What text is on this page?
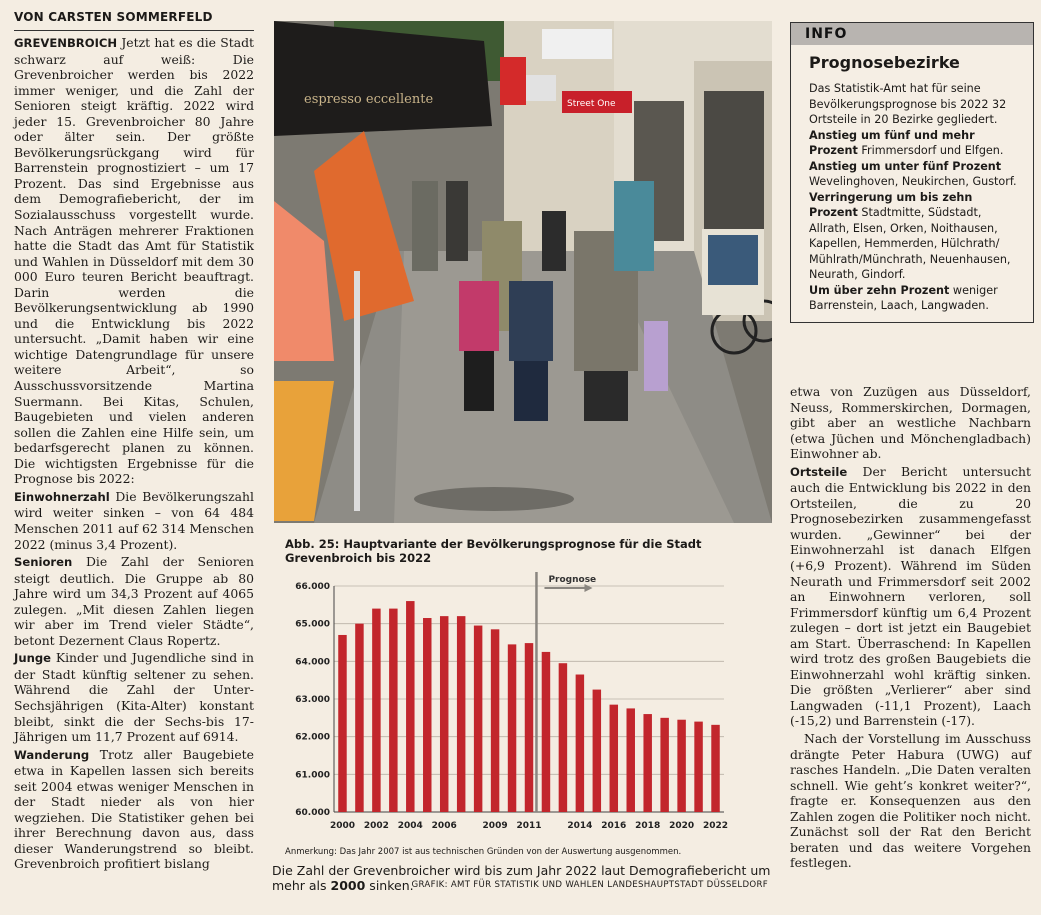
VON CARSTEN SOMMERFELD

GREVENBROICH Jetzt hat es die Stadt schwarz auf weiß: Die Grevenbroicher werden bis 2022 immer weniger, und die Zahl der Senioren steigt kräftig. 2022 wird jeder 15. Grevenbroicher 80 Jahre oder älter sein. Der größte Bevölkerungsrückgang wird für Barrenstein prognostiziert – um 17 Prozent. Das sind Ergebnisse aus dem Demografiebericht, der im Sozialausschuss vorgestellt wurde. Nach Anträgen mehrerer Fraktionen hatte die Stadt das Amt für Statistik und Wahlen in Düsseldorf mit dem 30 000 Euro teuren Bericht beauftragt. Darin werden die Bevölkerungsentwicklung ab 1990 und die Entwicklung bis 2022 untersucht. „Damit haben wir eine wichtige Datengrundlage für unsere weitere Arbeit“, so Ausschussvorsitzende Martina Suermann. Bei Kitas, Schulen, Baugebieten und vielen anderen sollen die Zahlen eine Hilfe sein, um bedarfsgerecht planen zu können. Die wichtigsten Ergebnisse für die Prognose bis 2022:

Einwohnerzahl Die Bevölkerungszahl wird weiter sinken – von 64 484 Menschen 2011 auf 62 314 Menschen 2022 (minus 3,4 Prozent).

Senioren Die Zahl der Senioren steigt deutlich. Die Gruppe ab 80 Jahre wird um 34,3 Prozent auf 4065 zulegen. „Mit diesen Zahlen liegen wir aber im Trend vieler Städte“, betont Dezernent Claus Ropertz.

Junge Kinder und Jugendliche sind in der Stadt künftig seltener zu sehen. Während die Zahl der Unter-Sechsjährigen (Kita-Alter) konstant bleibt, sinkt die der Sechs-bis 17-Jährigen um 11,7 Prozent auf 6914.

Wanderung Trotz aller Baugebiete etwa in Kapellen lassen sich bereits seit 2004 etwas weniger Menschen in der Stadt nieder als von hier wegziehen. Die Statistiker gehen bei ihrer Berechnung davon aus, dass dieser Wanderungstrend so bleibt. Grevenbroich profitiert bislang

Street One
espresso eccellente
Abb. 25: Hauptvariante der Bevölkerungsprognose für die Stadt Grevenbroich bis 2022
60.000
61.000
62.000
63.000
64.000
65.000
66.000
Prognose
2000 2002 2004 2006	2009 2011	2014 2016 2018 2020 2022
Anmerkung: Das Jahr 2007 ist aus technischen Gründen von der Auswertung ausgenommen.
Die Zahl der Grevenbroicher wird bis zum Jahr 2022 laut Demografiebericht um mehr als 2000 sinken.
GRAFIK: AMT FÜR STATISTIK UND WAHLEN LANDESHAUPTSTADT DÜSSELDORF
INFO
Prognosebezirke

Das Statistik-Amt hat für seine Bevölkerungsprognose bis 2022 32 Ortsteile in 20 Bezirke gegliedert.

Anstieg um fünf und mehr Prozent Frimmersdorf und Elfgen.

Anstieg um unter fünf Prozent Wevelinghoven, Neukirchen, Gustorf.

Verringerung um bis zehn Prozent Stadtmitte, Südstadt, Allrath, Elsen, Orken, Noithausen, Kapellen, Hemmerden, Hülchrath/ Mühlrath/Münchrath, Neuenhausen, Neurath, Gindorf.

Um über zehn Prozent weniger Barrenstein, Laach, Langwaden.

etwa von Zuzügen aus Düsseldorf, Neuss, Rommerskirchen, Dormagen, gibt aber an westliche Nachbarn (etwa Jüchen und Mönchengladbach) Einwohner ab.

Ortsteile Der Bericht untersucht auch die Entwicklung bis 2022 in den Ortsteilen, die zu 20 Prognosebezirken zusammengefasst wurden. „Gewinner“ bei der Einwohnerzahl ist danach Elfgen (+6,9 Prozent). Während im Süden Neurath und Frimmersdorf seit 2002 an Einwohnern verloren, soll Frimmersdorf künftig um 6,4 Prozent zulegen – dort ist jetzt ein Baugebiet am Start. Überraschend: In Kapellen wird trotz des großen Baugebiets die Einwohnerzahl wohl kräftig sinken. Die größten „Verlierer“ aber sind Langwaden (-11,1 Prozent), Laach (-15,2) und Barrenstein (-17).

Nach der Vorstellung im Ausschuss drängte Peter Habura (UWG) auf rasches Handeln. „Die Daten veralten schnell. Wie geht’s konkret weiter?“, fragte er. Konsequenzen aus den Zahlen zogen die Politiker noch nicht. Zunächst soll der Rat den Bericht beraten und das weitere Vorgehen festlegen.
